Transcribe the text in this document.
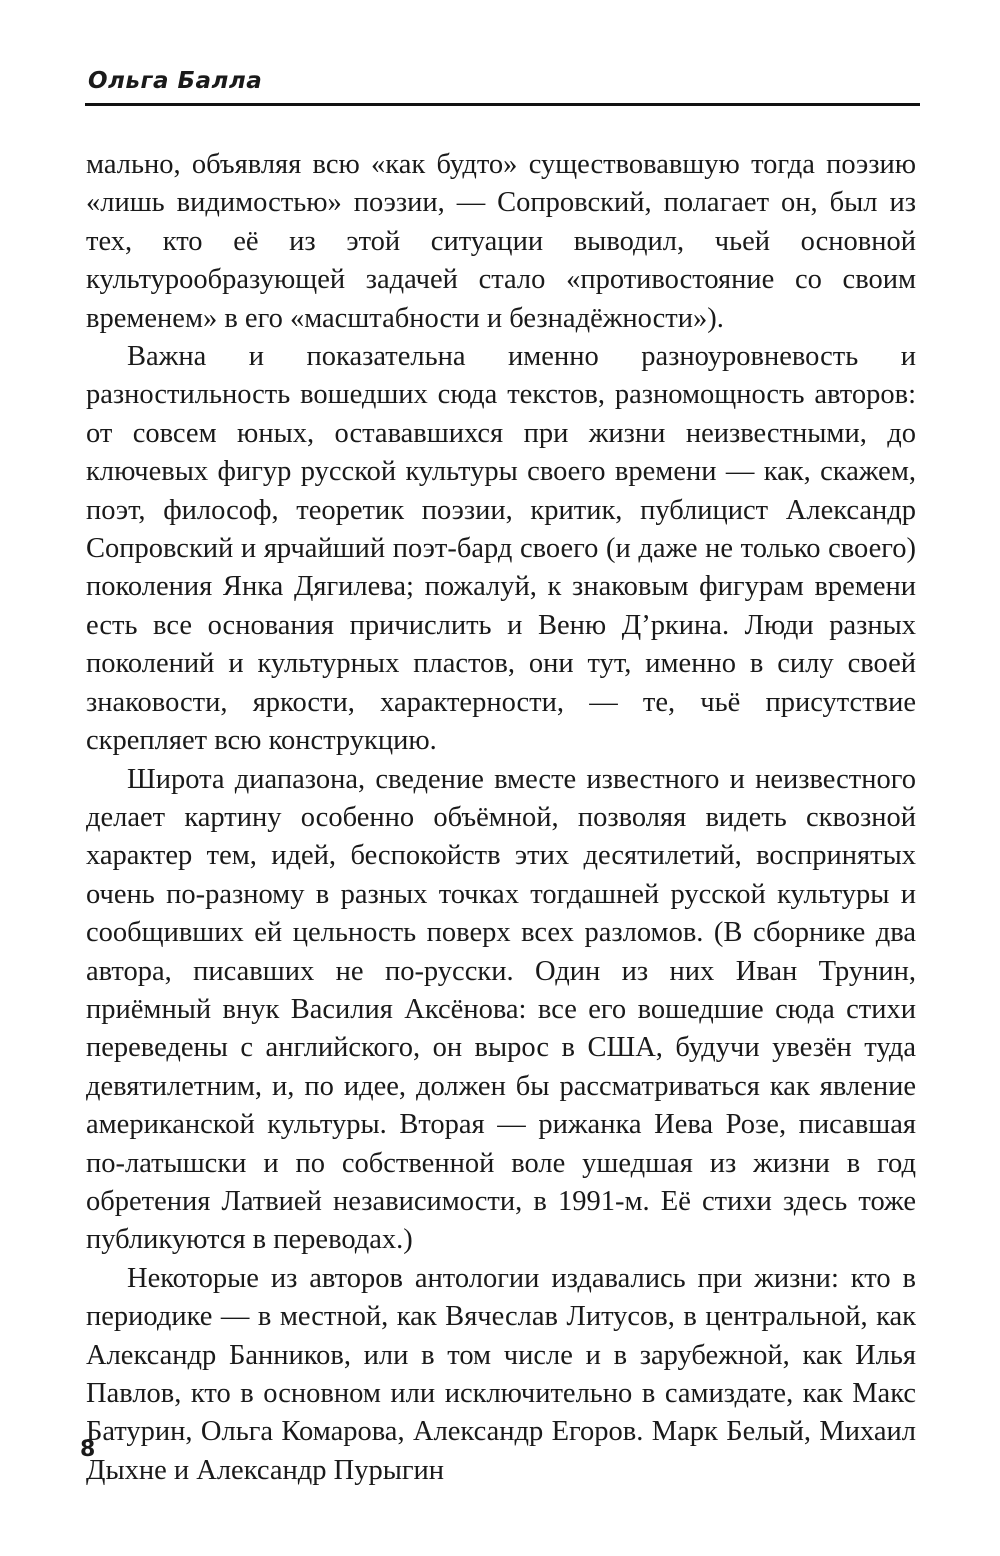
Ольга Балла

мально, объявляя всю «как будто» существовавшую тогда поэзию «лишь видимостью» поэзии, — Сопровский, полагает он, был из тех, кто её из этой ситуации выводил, чьей основной культурообразующей задачей стало «противостояние со своим временем» в его «масштабности и безнадёжности»).

Важна и показательна именно разноуровневость и разностильность вошедших сюда текстов, разномощность авторов: от совсем юных, остававшихся при жизни неизвестными, до ключевых фигур русской культуры своего времени — как, скажем, поэт, философ, теоретик поэзии, критик, публицист Александр Сопровский и ярчайший поэт-бард своего (и даже не только своего) поколения Янка Дягилева; пожалуй, к знаковым фигурам времени есть все основания причислить и Веню Д’ркина. Люди разных поколений и культурных пластов, они тут, именно в силу своей знаковости, яркости, характерности, — те, чьё присутствие скрепляет всю конструкцию.

Широта диапазона, сведение вместе известного и неизвестного делает картину особенно объёмной, позволяя видеть сквозной характер тем, идей, беспокойств этих десятилетий, воспринятых очень по-разному в разных точках тогдашней русской культуры и сообщивших ей цельность поверх всех разломов. (В сборнике два автора, писавших не по-русски. Один из них Иван Трунин, приёмный внук Василия Аксёнова: все его вошедшие сюда стихи переведены с английского, он вырос в США, будучи увезён туда девятилетним, и, по идее, должен бы рассматриваться как явление американской культуры. Вторая — рижанка Иева Розе, писавшая по-латышски и по собственной воле ушедшая из жизни в год обретения Латвией независимости, в 1991-м. Её стихи здесь тоже публикуются в переводах.)

Некоторые из авторов антологии издавались при жизни: кто в периодике — в местной, как Вячеслав Литусов, в центральной, как Александр Банников, или в том числе и в зарубежной, как Илья Павлов, кто в основном или исключительно в самиздате, как Макс Батурин, Ольга Комарова, Александр Егоров. Марк Белый, Михаил Дыхне и Александр Пурыгин

8
